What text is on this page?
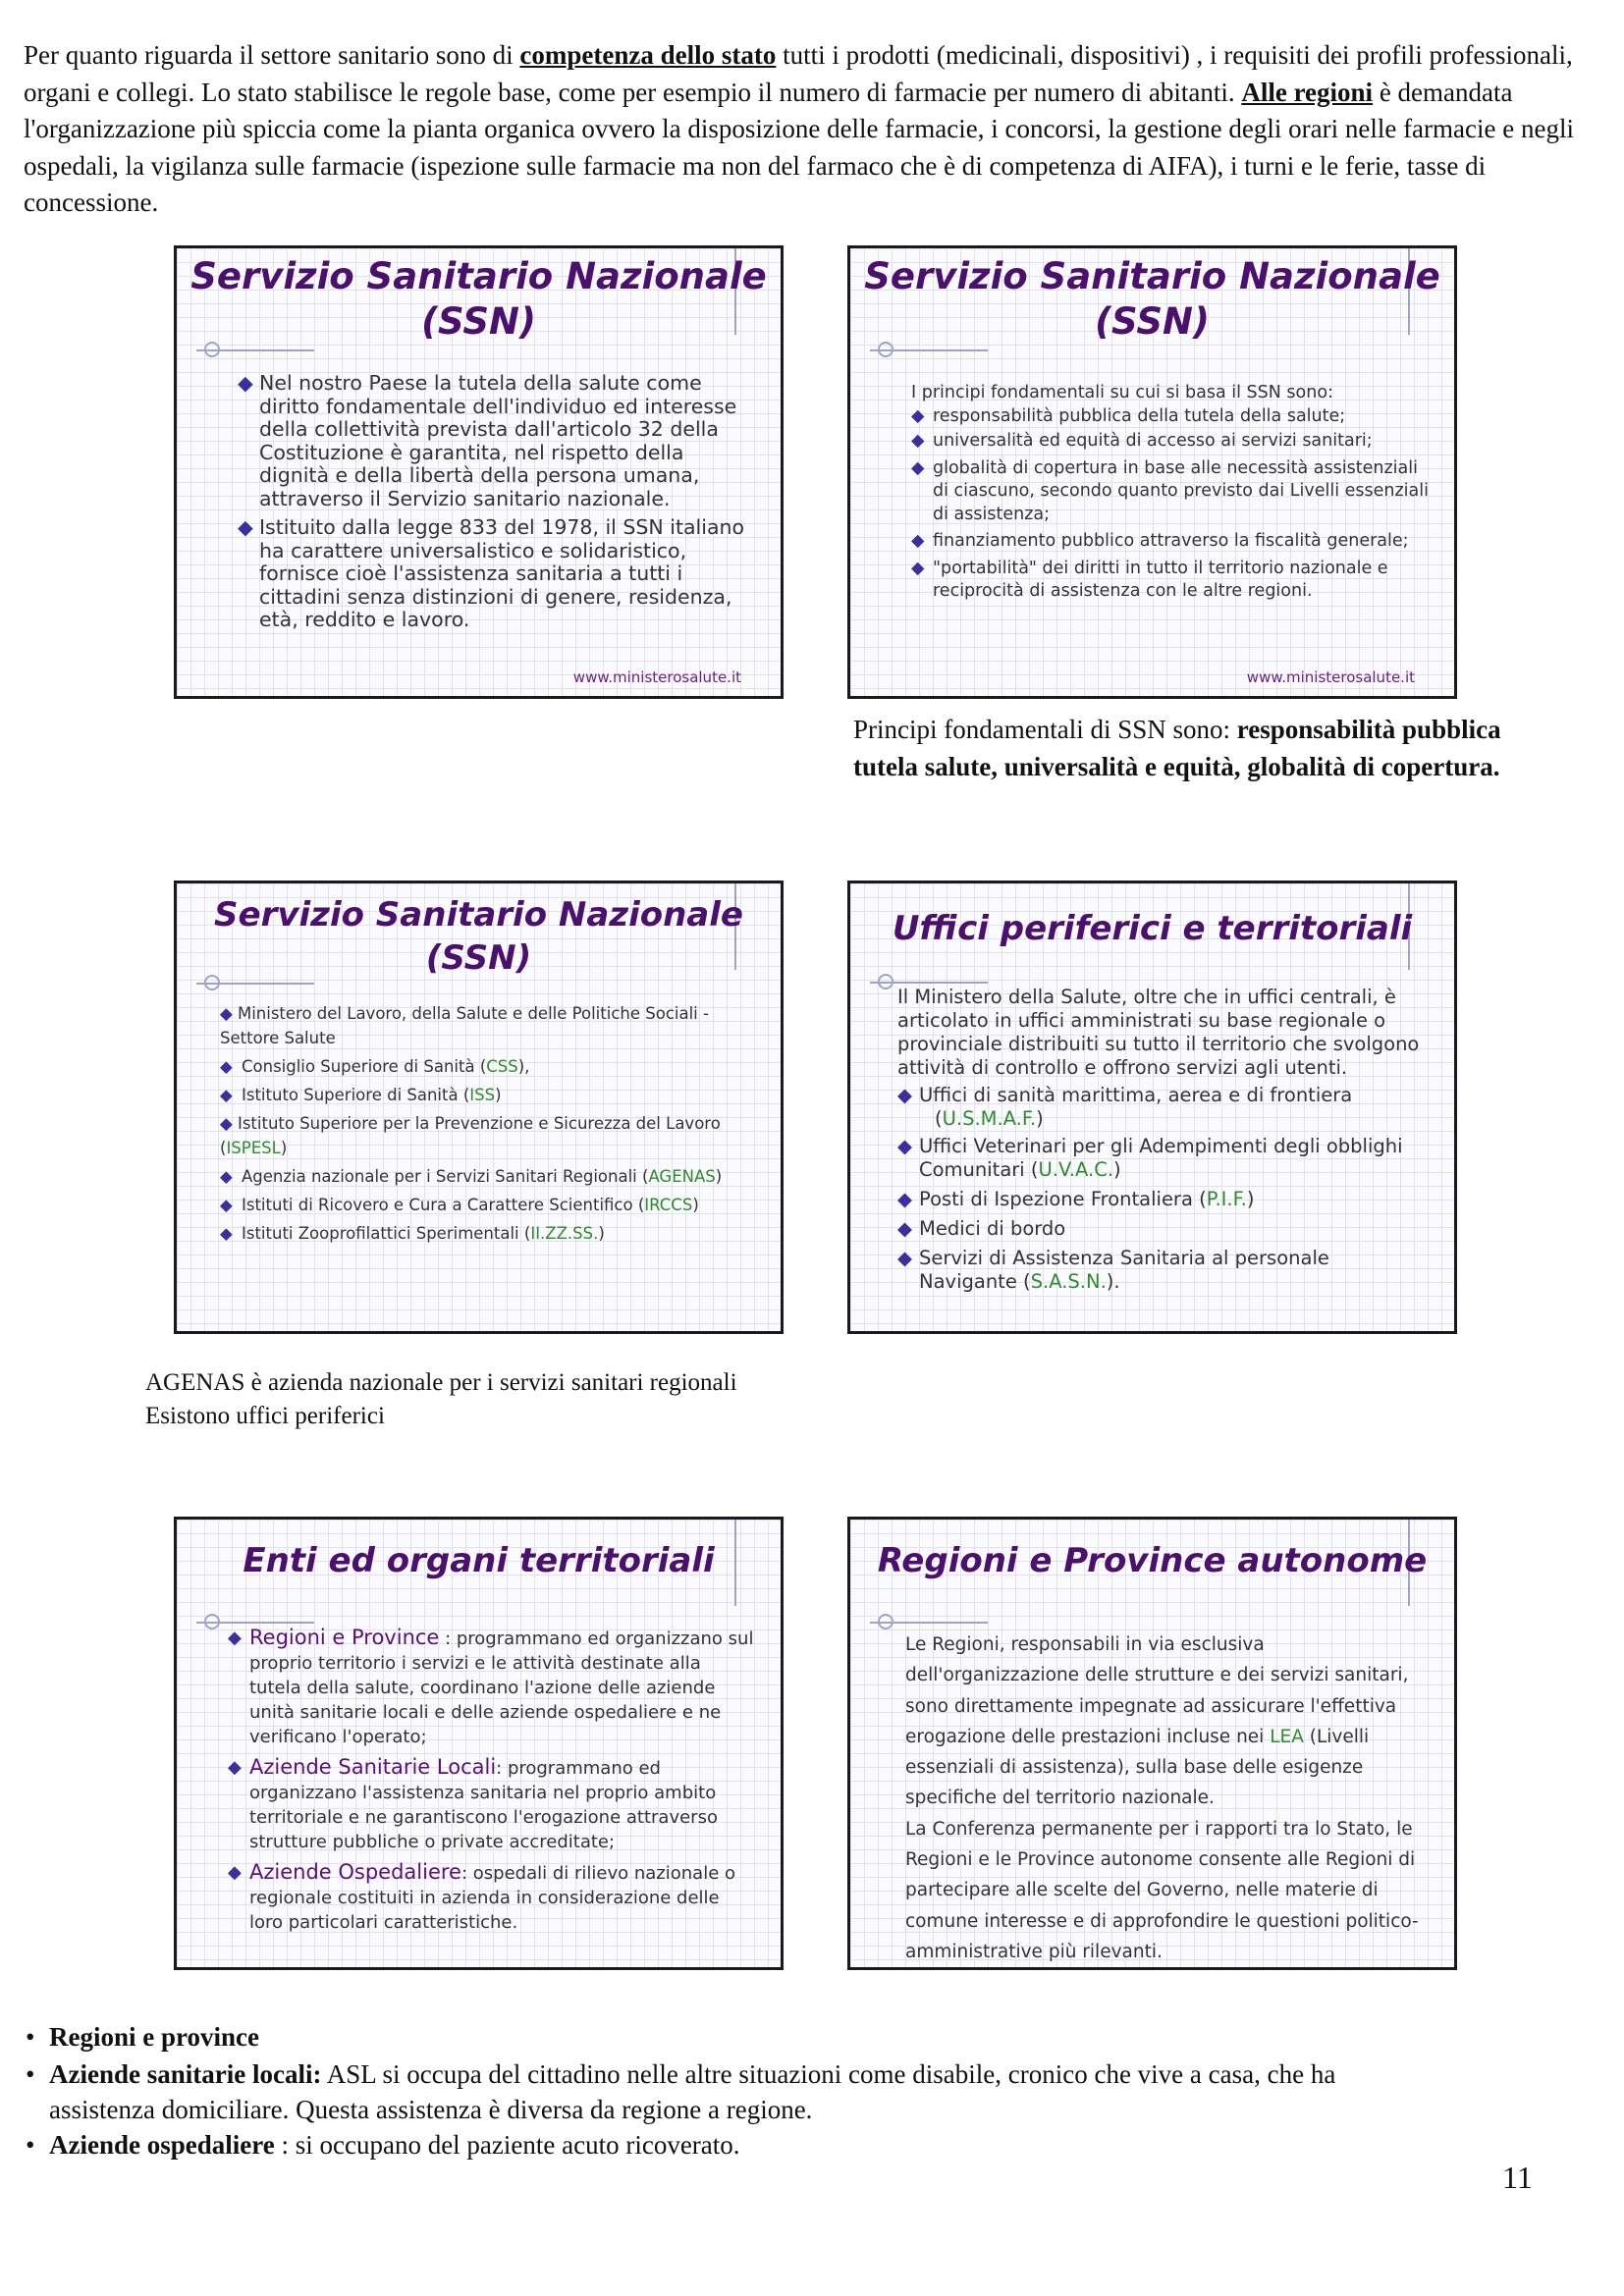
Per quanto riguarda il settore sanitario sono di competenza dello stato tutti i prodotti (medicinali, dispositivi) , i requisiti dei profili professionali, organi e collegi. Lo stato stabilisce le regole base, come per esempio il numero di farmacie per numero di abitanti. Alle regioni è demandata l'organizzazione più spiccia come la pianta organica ovvero la disposizione delle farmacie, i concorsi, la gestione degli orari nelle farmacie e negli ospedali, la vigilanza sulle farmacie (ispezione sulle farmacie ma non del farmaco che è di competenza di AIFA), i turni e le ferie, tasse di concessione.

Servizio Sanitario Nazionale
(SSN)

◆ Nel nostro Paese la tutela della salute come diritto fondamentale dell'individuo ed interesse della collettività prevista dall'articolo 32 della Costituzione è garantita, nel rispetto della dignità e della libertà della persona umana, attraverso il Servizio sanitario nazionale.

◆ Istituito dalla legge 833 del 1978, il SSN italiano ha carattere universalistico e solidaristico, fornisce cioè l'assistenza sanitaria a tutti i cittadini senza distinzioni di genere, residenza, età, reddito e lavoro.

www.ministerosalute.it
Servizio Sanitario Nazionale
(SSN)

I principi fondamentali su cui si basa il SSN sono:

◆ responsabilità pubblica della tutela della salute;

◆ universalità ed equità di accesso ai servizi sanitari;

◆ globalità di copertura in base alle necessità assistenziali di ciascuno, secondo quanto previsto dai Livelli essenziali di assistenza;

◆ finanziamento pubblico attraverso la fiscalità generale;

◆ "portabilità" dei diritti in tutto il territorio nazionale e reciprocità di assistenza con le altre regioni.

www.ministerosalute.it

Principi fondamentali di SSN sono: responsabilità pubblica tutela salute, universalità e equità, globalità di copertura.

Servizio Sanitario Nazionale
(SSN)

◆ ◆ Ministero del Lavoro, della Salute e delle Politiche Sociali - Settore Salute

◆ Consiglio Superiore di Sanità (CSS),

◆ Istituto Superiore di Sanità (ISS)

◆ ◆ Istituto Superiore per la Prevenzione e Sicurezza del Lavoro (ISPESL)

◆ Agenzia nazionale per i Servizi Sanitari Regionali (AGENAS)

◆ Istituti di Ricovero e Cura a Carattere Scientifico (IRCCS)

◆ Istituti Zooprofilattici Sperimentali (II.ZZ.SS.)

Uffici periferici e territoriali

Il Ministero della Salute, oltre che in uffici centrali, è articolato in uffici amministrati su base regionale o provinciale distribuiti su tutto il territorio che svolgono attività di controllo e offrono servizi agli utenti.

◆ Uffici di sanità marittima, aerea e di frontiera
(U.S.M.A.F.)

◆ Uffici Veterinari per gli Adempimenti degli obblighi Comunitari (U.V.A.C.)

◆ Posti di Ispezione Frontaliera (P.I.F.)

◆ Medici di bordo

◆ Servizi di Assistenza Sanitaria al personale Navigante (S.A.S.N.).

AGENAS è azienda nazionale per i servizi sanitari regionali
Esistono uffici periferici
Enti ed organi territoriali

◆ Regioni e Province : programmano ed organizzano sul proprio territorio i servizi e le attività destinate alla tutela della salute, coordinano l'azione delle aziende unità sanitarie locali e delle aziende ospedaliere e ne verificano l'operato;

◆ Aziende Sanitarie Locali: programmano ed organizzano l'assistenza sanitaria nel proprio ambito territoriale e ne garantiscono l'erogazione attraverso strutture pubbliche o private accreditate;

◆ Aziende Ospedaliere: ospedali di rilievo nazionale o regionale costituiti in azienda in considerazione delle loro particolari caratteristiche.

Regioni e Province autonome

Le Regioni, responsabili in via esclusiva dell'organizzazione delle strutture e dei servizi sanitari, sono direttamente impegnate ad assicurare l'effettiva erogazione delle prestazioni incluse nei LEA (Livelli essenziali di assistenza), sulla base delle esigenze specifiche del territorio nazionale.

La Conferenza permanente per i rapporti tra lo Stato, le Regioni e le Province autonome consente alle Regioni di partecipare alle scelte del Governo, nelle materie di comune interesse e di approfondire le questioni politico-amministrative più rilevanti.

• Regioni e province
• Aziende sanitarie locali: ASL si occupa del cittadino nelle altre situazioni come disabile, cronico che vive a casa, che ha assistenza domiciliare. Questa assistenza è diversa da regione a regione.
• Aziende ospedaliere : si occupano del paziente acuto ricoverato.
11
